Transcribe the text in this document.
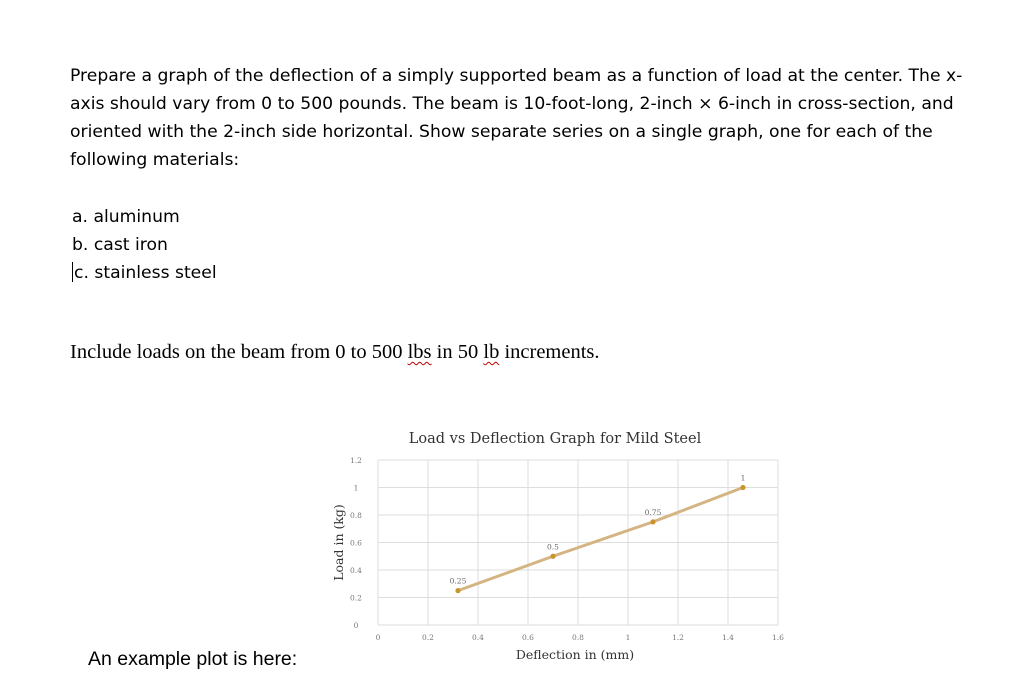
Prepare a graph of the deflection of a simply supported beam as a function of load at the center. The x-axis should vary from 0 to 500 pounds. The beam is 10-foot-long, 2-inch × 6-inch in cross-section, and oriented with the 2-inch side horizontal. Show separate series on a single graph, one for each of the following materials:
a. aluminum
b. cast iron
c. stainless steel
Include loads on the beam from 0 to 500 lbs in 50 lb increments.
An example plot is here:
Load vs Deflection Graph for Mild Steel
Load in (kg)
Deflection in (mm)
0
0.2
0.4
0.6
0.8
1
1.2
0	0.2	0.4	0.6	0.8	1	1.2	1.4	1.6
0.25
0.5
0.75
1
